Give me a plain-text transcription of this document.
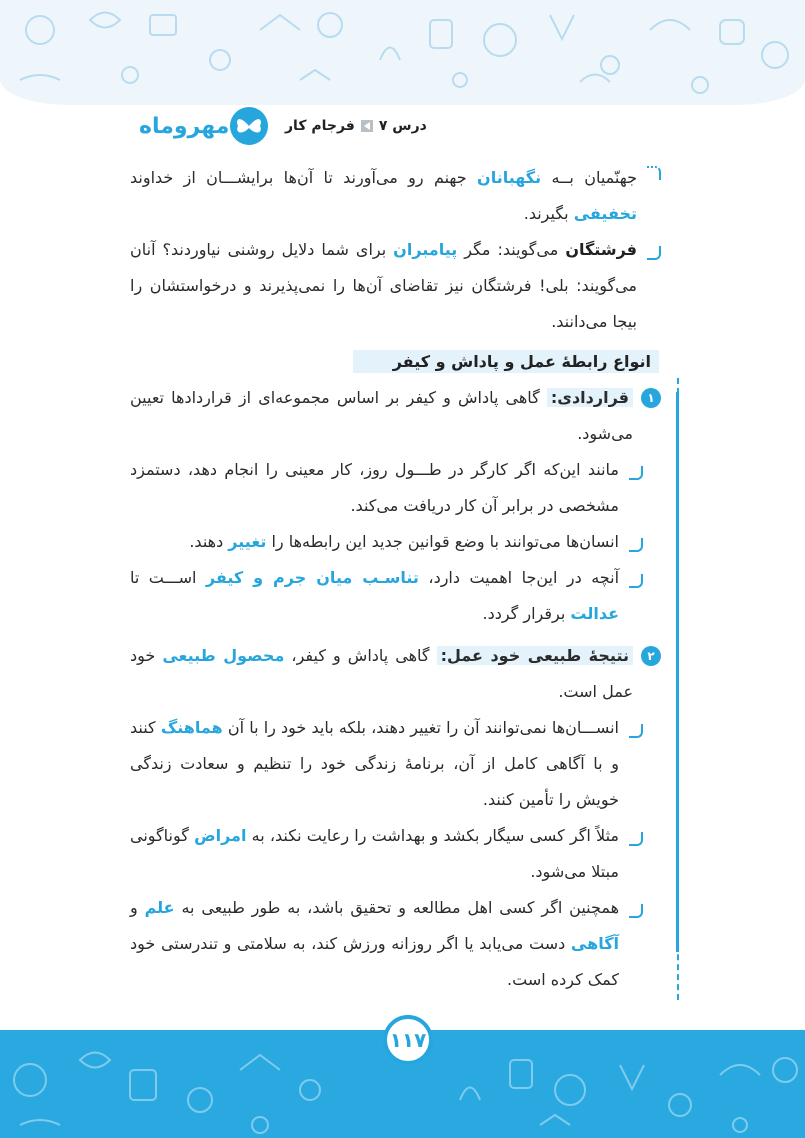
مهروماه	درس ۷
فرجام کار
جهنّمیان بــه نگهبانان جهنم رو می‌آورند تا آن‌ها برایشـــان از خداوند تخفیفی بگیرند.
فرشتگان می‌گویند: مگر پیامبران برای شما دلایل روشنی نیاوردند؟ آنان می‌گویند: بلی! فرشتگان نیز تقاضای آن‌ها را نمی‌پذیرند و درخواستشان را بیجا می‌دانند.
انواع رابطهٔ عمل و پاداش و کیفر
۱
قراردادی: گاهی پاداش و کیفر بر اساس مجموعه‌ای از قراردادها تعیین می‌شود.
مانند این‌که اگر کارگر در طـــول روز، کار معینی را انجام دهد، دستمزد مشخصی در برابر آن کار دریافت می‌کند.
انسان‌ها می‌توانند با وضع قوانین جدید این رابطه‌ها را تغییر دهند.
آنچه در این‌جا اهمیت دارد، تناسـب میان جرم و کیفر اســـت تا عدالت برقرار گردد.
۲
نتیجهٔ طبیعی خود عمل: گاهی پاداش و کیفر، محصول طبیعی خود عمل است.
انســـان‌ها نمی‌توانند آن را تغییر دهند، بلکه باید خود را با آن هماهنگ کنند و با آگاهی کامل از آن، برنامهٔ زندگی خود را تنظیم و سعادت زندگی خویش را تأمین کنند.
مثلاً اگر کسی سیگار بکشد و بهداشت را رعایت نکند، به امراض گوناگونی مبتلا می‌شود.
همچنین اگر کسی اهل مطالعه و تحقیق باشد، به طور طبیعی به علم و آگاهی دست می‌یابد یا اگر روزانه ورزش کند، به سلامتی و تندرستی خود کمک کرده است.
۱۱۷
